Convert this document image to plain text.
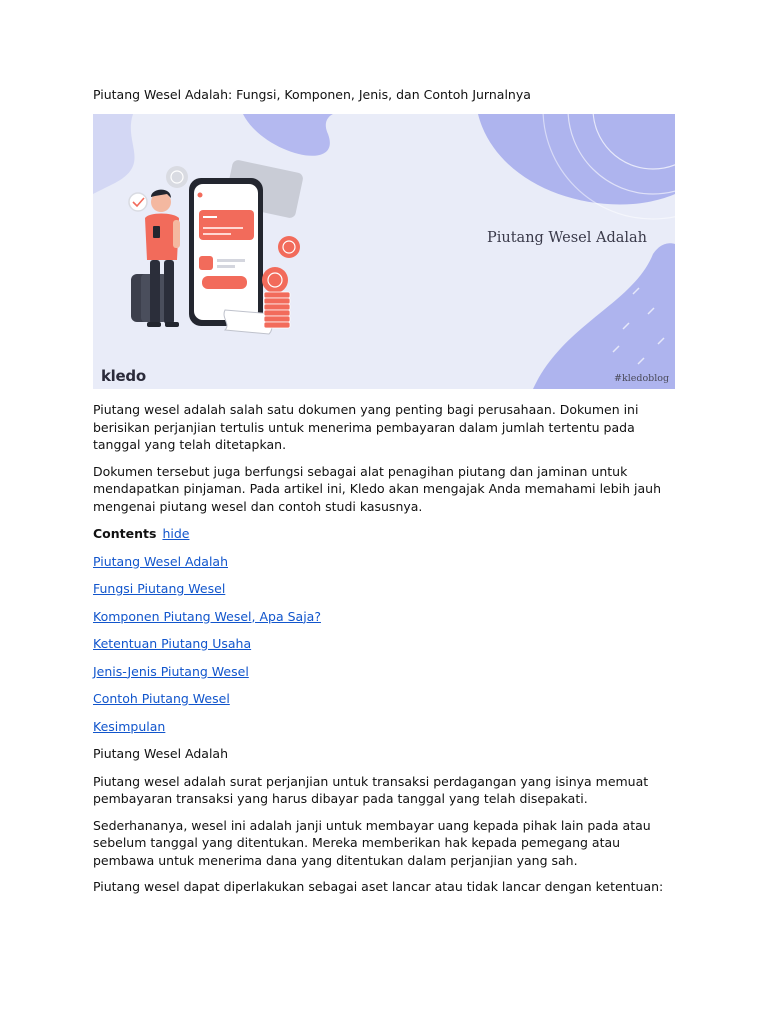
Piutang Wesel Adalah: Fungsi, Komponen, Jenis, dan Contoh Jurnalnya

Piutang Wesel Adalah
kledo	#kledoblog

Piutang wesel adalah salah satu dokumen yang penting bagi perusahaan. Dokumen ini berisikan perjanjian tertulis untuk menerima pembayaran dalam jumlah tertentu pada tanggal yang telah ditetapkan.

Dokumen tersebut juga berfungsi sebagai alat penagihan piutang dan jaminan untuk mendapatkan pinjaman. Pada artikel ini, Kledo akan mengajak Anda memahami lebih jauh mengenai piutang wesel dan contoh studi kasusnya.

Contents hide

Piutang Wesel Adalah

Fungsi Piutang Wesel

Komponen Piutang Wesel, Apa Saja?

Ketentuan Piutang Usaha

Jenis-Jenis Piutang Wesel

Contoh Piutang Wesel

Kesimpulan

Piutang Wesel Adalah

Piutang wesel adalah surat perjanjian untuk transaksi perdagangan yang isinya memuat pembayaran transaksi yang harus dibayar pada tanggal yang telah disepakati.

Sederhananya, wesel ini adalah janji untuk membayar uang kepada pihak lain pada atau sebelum tanggal yang ditentukan. Mereka memberikan hak kepada pemegang atau pembawa untuk menerima dana yang ditentukan dalam perjanjian yang sah.

Piutang wesel dapat diperlakukan sebagai aset lancar atau tidak lancar dengan ketentuan:
